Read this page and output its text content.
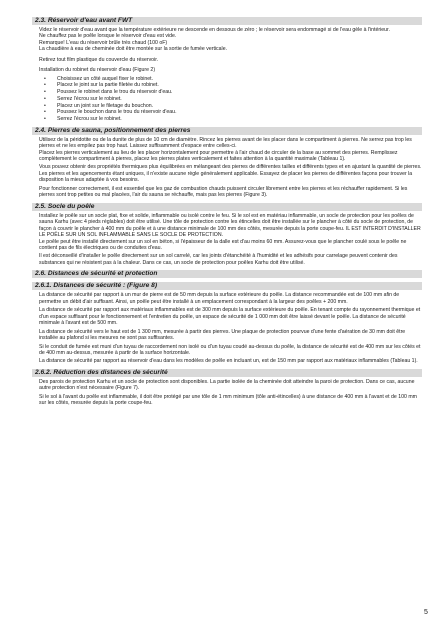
2.3. Réservoir d'eau avant FWT

Videz le réservoir d'eau avant que la température extérieure ne descende en dessous de zéro ; le réservoir sera endommagé si de l'eau gèle à l'intérieur.

Ne chauffez pas le poêle lorsque le réservoir d'eau est vide.

Remarque! L'eau du réservoir brûle très chaud (100 oF)

La chaudière à eau de cheminée doit être montée sur la sortie de fumée verticale.

Retirez tout film plastique du couvercle du réservoir.

Installation du robinet du réservoir d'eau (Figure 2)

• Choisissez un côté auquel fixer le robinet.
• Placez le joint sur la partie filetée du robinet.
• Poussez le robinet dans le trou du réservoir d'eau.
• Serrez l'écrou sur le robinet.
• Placez un joint sur le filetage du bouchon.
• Poussez le bouchon dans le trou du réservoir d'eau.
• Serrez l'écrou sur le robinet.
2.4. Pierres de sauna, positionnement des pierres

Utilisez de la péridotite ou de la dunite de plus de 10 cm de diamètre. Rincez les pierres avant de les placer dans le compartiment à pierres. Ne serrez pas trop les pierres et ne les empilez pas trop haut. Laissez suffisamment d'espace entre celles-ci.

Placez les pierres verticalement au lieu de les placer horizontalement pour permettre à l'air chaud de circuler de la base au sommet des pierres. Remplissez complètement le compartiment à pierres, placez les pierres plates verticalement et faites attention à la quantité maximale (Tableau 1).

Vous pouvez obtenir des propriétés thermiques plus équilibrées en mélangeant des pierres de différentes tailles et différents types et en ajustant la quantité de pierres. Les pierres et les agencements étant uniques, il n'existe aucune règle généralement applicable. Essayez de placer les pierres de différentes façons pour trouver la disposition la mieux adaptée à vos besoins.

Pour fonctionner correctement, il est essentiel que les gaz de combustion chauds puissent circuler librement entre les pierres et les réchauffer rapidement. Si les pierres sont trop petites ou mal placées, l'air du sauna se réchauffe, mais pas les pierres (Figure 3).

2.5. Socle du poêle

Installez le poêle sur un socle plat, fixe et solide, inflammable ou isolé contre le feu. Si le sol est en matériau inflammable, un socle de protection pour les poêles de sauna Karhu (avec 4 pieds réglables) doit être utilisé. Une tôle de protection contre les étincelles doit être installée sur le plancher à côté du socle de protection, de façon à couvrir le plancher à 400 mm du poêle et à une distance minimale de 100 mm des côtés, mesurée depuis la porte coupe-feu. IL EST INTERDIT D'INSTALLER LE POÊLE SUR UN SOL INFLAMMABLE SANS LE SOCLE DE PROTECTION.

Le poêle peut être installé directement sur un sol en béton, si l'épaisseur de la dalle est d'au moins 60 mm. Assurez-vous que le plancher coulé sous le poêle ne contient pas de fils électriques ou de conduites d'eau.

Il est déconseillé d'installer le poêle directement sur un sol carrelé, car les joints d'étanchéité à l'humidité et les adhésifs pour carrelage peuvent contenir des substances qui ne résistent pas à la chaleur. Dans ce cas, un socle de protection pour poêles Karhu doit être utilisé.

2.6. Distances de sécurité et protection
2.6.1. Distances de sécurité : (Figure 8)

La distance de sécurité par rapport à un mur de pierre est de 50 mm depuis la surface extérieure du poêle. La distance recommandée est de 100 mm afin de permettre un débit d'air suffisant. Ainsi, un poêle peut être installé à un emplacement correspondant à la largeur des poêles + 200 mm.

La distance de sécurité par rapport aux matériaux inflammables est de 300 mm depuis la surface extérieure du poêle. En tenant compte du rayonnement thermique et d'un espace suffisant pour le fonctionnement et l'entretien du poêle, un espace de sécurité de 1 000 mm doit être laissé devant le poêle. La distance de sécurité minimale à l'avant est de 500 mm.

La distance de sécurité vers le haut est de 1 300 mm, mesurée à partir des pierres. Une plaque de protection pourvue d'une fente d'aération de 30 mm doit être installée au plafond si les mesures ne sont pas suffisantes.

Si le conduit de fumée est muni d'un tuyau de raccordement non isolé ou d'un tuyau coudé au-dessus du poêle, la distance de sécurité est de 400 mm sur les côtés et de 400 mm au-dessus, mesurée à partir de la surface horizontale.

La distance de sécurité par rapport au réservoir d'eau dans les modèles de poêle en incluant un, est de 150 mm par rapport aux matériaux inflammables (Tableau 1).

2.6.2. Réduction des distances de sécurité

Des parois de protection Karhu et un socle de protection sont disponibles. La partie isolée de la cheminée doit atteindre la paroi de protection. Dans ce cas, aucune autre protection n'est nécessaire (Figure 7).

Si le sol à l'avant du poêle est inflammable, il doit être protégé par une tôle de 1 mm minimum (tôle anti-étincelles) à une distance de 400 mm à l'avant et de 100 mm sur les côtés, mesurée depuis la porte coupe-feu.

5
